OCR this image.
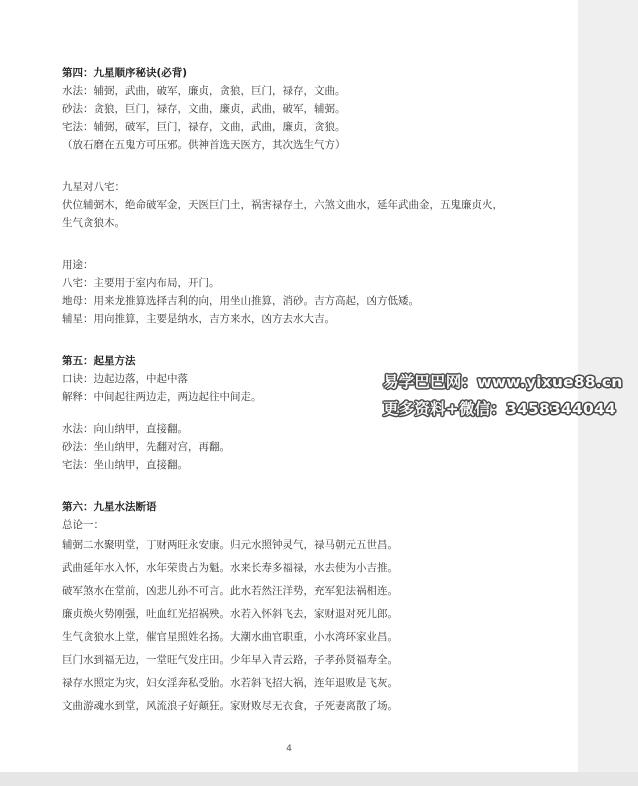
第四：九星顺序秘诀(必背)
水法：辅弼，武曲，破军，廉贞，贪狼，巨门，禄存，文曲。
砂法：贪狼，巨门，禄存，文曲，廉贞，武曲，破军，辅弼。
宅法：辅弼，破军，巨门，禄存，文曲，武曲，廉贞，贪狼。
（放石磨在五鬼方可压邪。供神首选天医方，其次选生气方）
九星对八宅：
伏位辅弼木，绝命破军金，天医巨门土，祸害禄存土，六煞文曲水，延年武曲金，五鬼廉贞火，
生气贪狼木。
用途：
八宅：主要用于室内布局，开门。
地母：用来龙推算选择吉利的向，用坐山推算，消砂。吉方高起，凶方低矮。
辅星：用向推算，主要是纳水，吉方来水，凶方去水大吉。
第五：起星方法
口诀：边起边落，中起中落
解释：中间起往两边走，两边起往中间走。
水法：向山纳甲，直接翻。
砂法：坐山纳甲，先翻对宫，再翻。
宅法：坐山纳甲，直接翻。
第六：九星水法断语
总论一：
辅弼二水聚明堂，丁财两旺永安康。归元水照钟灵气，禄马朝元五世昌。
武曲延年水入怀，水年荣贵占为魁。水来长寿多福禄，水去使为小吉推。
破军煞水在堂前，凶悲儿孙不可言。此水若然汪洋势，充军犯法祸相连。
廉贞焕火势刚强，吐血红光招祸殃。水若入怀斜飞去，家财退对死儿郎。
生气贪狼水上堂，催官星照姓名扬。大潮水曲官职重，小水湾环家业昌。
巨门水到福无边，一堂旺气发庄田。少年早入青云路，子孝孙贤福寿全。
禄存水照定为灾，妇女淫奔私受胎。水若斜飞招大祸，连年退败是飞灰。
文曲游魂水到堂，风流浪子好颠狂。家财败尽无衣食，子死妻离散了场。
4
易学巴巴网：www.yixue88.cn
更多资料+微信：3458344044
